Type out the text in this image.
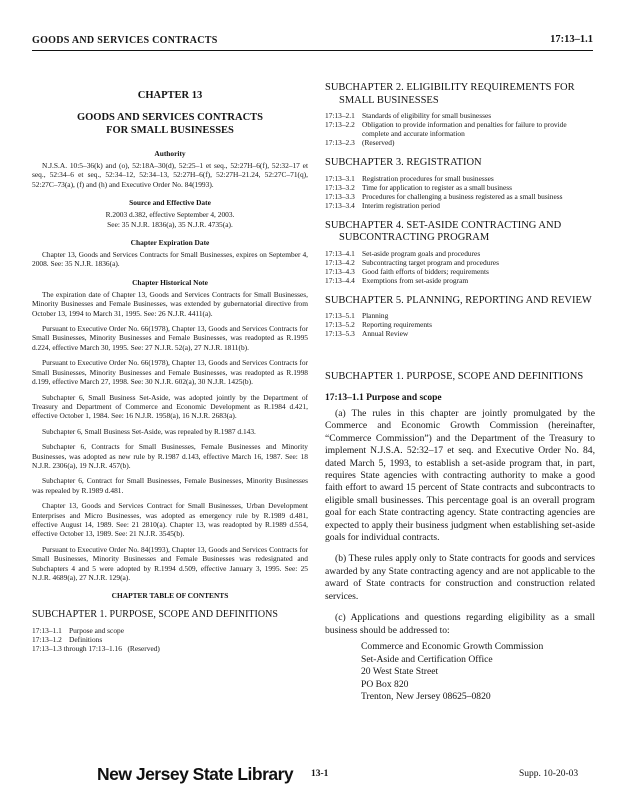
GOODS AND SERVICES CONTRACTS	17:13–1.1

CHAPTER 13

GOODS AND SERVICES CONTRACTS
FOR SMALL BUSINESSES

Authority

N.J.S.A. 10:5–36(k) and (o), 52:18A–30(d), 52:25–1 et seq., 52:27H–6(f), 52:32–17 et seq., 52:34–6 et seq., 52:34–12, 52:34–13, 52:27H–6(f), 52:27H–21.24, 52:27C–71(q), 52:27C–73(a), (f) and (h) and Executive Order No. 84(1993).

Source and Effective Date

R.2003 d.382, effective September 4, 2003.

See: 35 N.J.R. 1836(a), 35 N.J.R. 4735(a).

Chapter Expiration Date

Chapter 13, Goods and Services Contracts for Small Businesses, expires on September 4, 2008. See: 35 N.J.R. 1836(a).

Chapter Historical Note

The expiration date of Chapter 13, Goods and Services Contracts for Small Businesses, Minority Businesses and Female Businesses, was extended by gubernatorial directive from October 13, 1994 to March 31, 1995. See: 26 N.J.R. 4411(a).

Pursuant to Executive Order No. 66(1978), Chapter 13, Goods and Services Contracts for Small Businesses, Minority Businesses and Female Businesses, was readopted as R.1995 d.224, effective March 30, 1995. See: 27 N.J.R. 52(a), 27 N.J.R. 1811(b).

Pursuant to Executive Order No. 66(1978), Chapter 13, Goods and Services Contracts for Small Businesses, Minority Businesses and Female Businesses, was readopted as R.1998 d.199, effective March 27, 1998. See: 30 N.J.R. 602(a), 30 N.J.R. 1425(b).

Subchapter 6, Small Business Set-Aside, was adopted jointly by the Department of Treasury and Department of Commerce and Economic Development as R.1984 d.421, effective October 1, 1984. See: 16 N.J.R. 1958(a), 16 N.J.R. 2683(a).

Subchapter 6, Small Business Set-Aside, was repealed by R.1987 d.143.

Subchapter 6, Contracts for Small Businesses, Female Businesses and Minority Businesses, was adopted as new rule by R.1987 d.143, effective March 16, 1987. See: 18 N.J.R. 2306(a), 19 N.J.R. 457(b).

Subchapter 6, Contract for Small Businesses, Female Businesses, Minority Businesses was repealed by R.1989 d.481.

Chapter 13, Goods and Services Contract for Small Businesses, Urban Development Enterprises and Micro Businesses, was adopted as emergency rule by R.1989 d.481, effective August 14, 1989. See: 21 2810(a). Chapter 13, was readopted by R.1989 d.554, effective October 13, 1989. See: 21 N.J.R. 3545(b).

Pursuant to Executive Order No. 84(1993), Chapter 13, Goods and Services Contracts for Small Businesses, Minority Businesses and Female Businesses was redesignated and Subchapters 4 and 5 were adopted by R.1994 d.509, effective January 3, 1995. See: 25 N.J.R. 4689(a), 27 N.J.R. 129(a).

CHAPTER TABLE OF CONTENTS

SUBCHAPTER 1. PURPOSE, SCOPE AND DEFINITIONS

17:13–1.1 Purpose and scope
17:13–1.2 Definitions
17:13–1.3 through 17:13–1.16 (Reserved)

SUBCHAPTER 2. ELIGIBILITY REQUIREMENTS FOR SMALL BUSINESSES

17:13–2.1 Standards of eligibility for small businesses
17:13–2.2 Obligation to provide information and penalties for failure to provide complete and accurate information
17:13–2.3 (Reserved)

SUBCHAPTER 3. REGISTRATION

17:13–3.1 Registration procedures for small businesses
17:13–3.2 Time for application to register as a small business
17:13–3.3 Procedures for challenging a business registered as a small business
17:13–3.4 Interim registration period

SUBCHAPTER 4. SET-ASIDE CONTRACTING AND SUBCONTRACTING PROGRAM

17:13–4.1 Set-aside program goals and procedures
17:13–4.2 Subcontracting target program and procedures
17:13–4.3 Good faith efforts of bidders; requirements
17:13–4.4 Exemptions from set-aside program

SUBCHAPTER 5. PLANNING, REPORTING AND REVIEW

17:13–5.1 Planning
17:13–5.2 Reporting requirements
17:13–5.3 Annual Review

SUBCHAPTER 1. PURPOSE, SCOPE AND DEFINITIONS

17:13–1.1 Purpose and scope

(a) The rules in this chapter are jointly promulgated by the Commerce and Economic Growth Commission (hereinafter, “Commerce Commission”) and the Department of the Treasury to implement N.J.S.A. 52:32–17 et seq. and Executive Order No. 84, dated March 5, 1993, to establish a set-aside program that, in part, requires State agencies with contracting authority to make a good faith effort to award 15 percent of State contracts and subcontracts to eligible small businesses. This percentage goal is an overall program goal for each State contracting agency. State contracting agencies are expected to apply their business judgment when establishing set-aside goals for individual contracts.

(b) These rules apply only to State contracts for goods and services awarded by any State contracting agency and are not applicable to the award of State contracts for construction and construction related services.

(c) Applications and questions regarding eligibility as a small business should be addressed to:

Commerce and Economic Growth Commission
Set-Aside and Certification Office
20 West State Street
PO Box 820
Trenton, New Jersey 08625–0820
New Jersey State Library 13-1	Supp. 10-20-03
